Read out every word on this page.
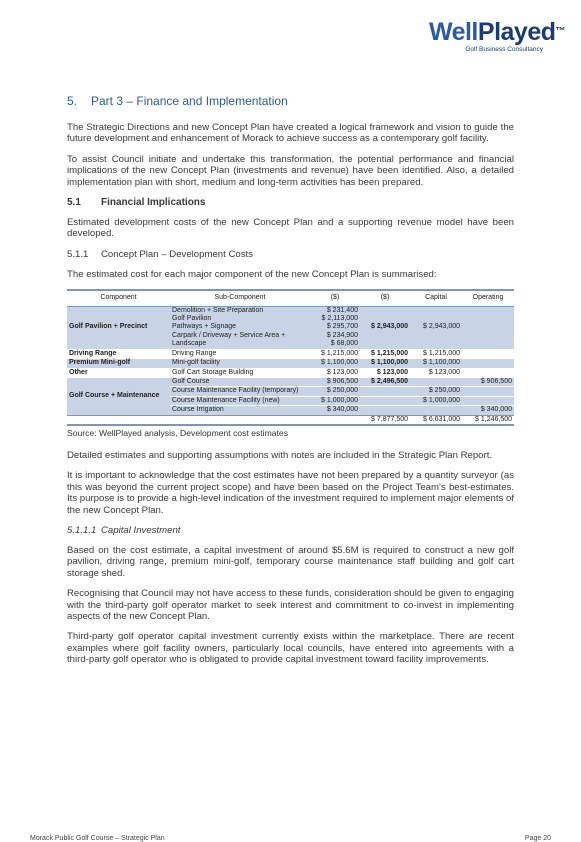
WellPlayed™
Golf Business Consultancy
5. Part 3 – Finance and Implementation

The Strategic Directions and new Concept Plan have created a logical framework and vision to guide the future development and enhancement of Morack to achieve success as a contemporary golf facility.

To assist Council initiate and undertake this transformation, the potential performance and financial implications of the new Concept Plan (investments and revenue) have been identified. Also, a detailed implementation plan with short, medium and long-term activities has been prepared.

5.1 Financial Implications

Estimated development costs of the new Concept Plan and a supporting revenue model have been developed.

5.1.1 Concept Plan – Development Costs

The estimated cost for each major component of the new Concept Plan is summarised:

Component	Sub-Component	($)	($)	Capital	Operating
Golf Pavilion + Precinct	Demolition + Site Preparation	$ 231,400			
	Golf Pavilion	$ 2,113,000			
	Pathways + Signage	$ 295,700	$ 2,943,000	$ 2,943,000	
	Carpark / Driveway + Service Area +	$ 234,900			
	Landscape	$ 68,000			
Driving Range	Driving Range	$ 1,215,000	$ 1,215,000	$ 1,215,000	
Premium Mini-golf	Mini-golf facility	$ 1,100,000	$ 1,100,000	$ 1,100,000	
Other	Golf Cart Storage Building	$ 123,000	$ 123,000	$ 123,000	
Golf Course + Maintenance	Golf Course	$ 906,500	$ 2,496,500		$ 906,500
	Course Maintenance Facility (temporary)	$ 250,000		$ 250,000	
	Course Maintenance Facility (new)	$ 1,000,000		$ 1,000,000	
	Course Irrigation	$ 340,000			$ 340,000
			$ 7,877,500	$ 6,631,000	$ 1,246,500
Source: WellPlayed analysis, Development cost estimates

Detailed estimates and supporting assumptions with notes are included in the Strategic Plan Report.

It is important to acknowledge that the cost estimates have not been prepared by a quantity surveyor (as this was beyond the current project scope) and have been based on the Project Team's best-estimates. Its purpose is to provide a high-level indication of the investment required to implement major elements of the new Concept Plan.

5.1.1.1 Capital Investment

Based on the cost estimate, a capital investment of around $5.6M is required to construct a new golf pavilion, driving range, premium mini-golf, temporary course maintenance staff building and golf cart storage shed.

Recognising that Council may not have access to these funds, consideration should be given to engaging with the third-party golf operator market to seek interest and commitment to co-invest in implementing aspects of the new Concept Plan.

Third-party golf operator capital investment currently exists within the marketplace. There are recent examples where golf facility owners, particularly local councils, have entered into agreements with a third-party golf operator who is obligated to provide capital investment toward facility improvements.

Morack Public Golf Course – Strategic Plan	Page 20
